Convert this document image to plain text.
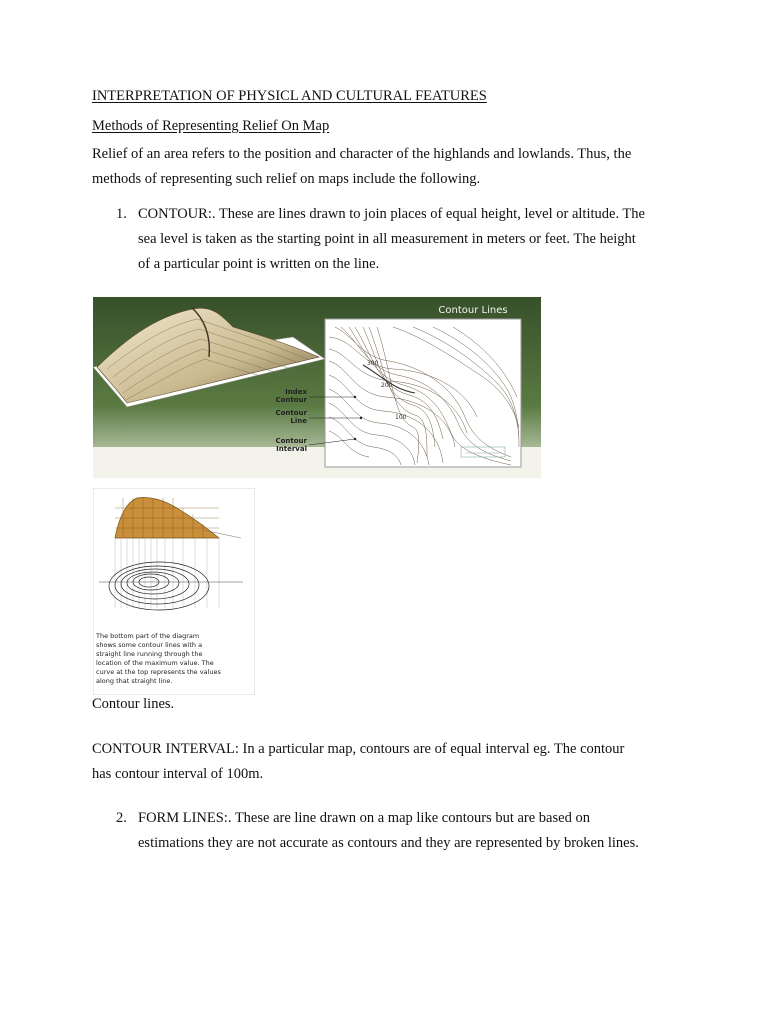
INTERPRETATION OF PHYSICL AND CULTURAL FEATURES
Methods of Representing Relief On Map
Relief of an area refers to the position and character of the highlands and lowlands. Thus, the
methods of representing such relief on maps include the following.
1. CONTOUR:. These are lines drawn to join places of equal height, level or altitude. The
sea level is taken as the starting point in all measurement in meters or feet. The height
of a particular point is written on the line.
Contour Lines
300
200
100
Index
Contour
Contour
Line
Contour
Interval
The bottom part of the diagram
shows some contour lines with a
straight line running through the
location of the maximum value. The
curve at the top represents the values
along that straight line.
Contour lines.
CONTOUR INTERVAL: In a particular map, contours are of equal interval eg. The contour
has contour interval of 100m.
2. FORM LINES:. These are line drawn on a map like contours but are based on
estimations they are not accurate as contours and they are represented by broken lines.
